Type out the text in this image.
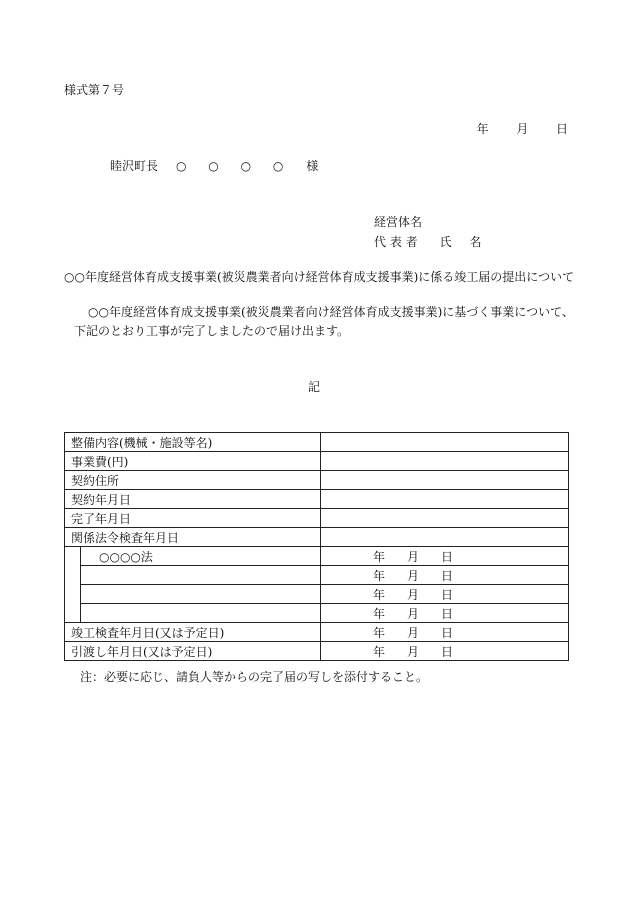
様式第７号
年 月 日
睦沢町長 ○ ○ ○ ○ 様
経営体名
代 表 者 氏 名
○○年度経営体育成支援事業(被災農業者向け経営体育成支援事業)に係る竣工届の提出について

○○年度経営体育成支援事業(被災農業者向け経営体育成支援事業)に基づく事業について、

下記のとおり工事が完了しましたので届け出ます。

記
整備内容(機械・施設等名)		
事業費(円)		
契約住所		
契約年月日		
完了年月日		
関係法令検査年月日		
	○○○○法	年 月 日
		年 月 日
		年 月 日
		年 月 日
竣工検査年月日(又は予定日)		年 月 日
引渡し年月日(又は予定日)		年 月 日
注：必要に応じ、請負人等からの完了届の写しを添付すること。
